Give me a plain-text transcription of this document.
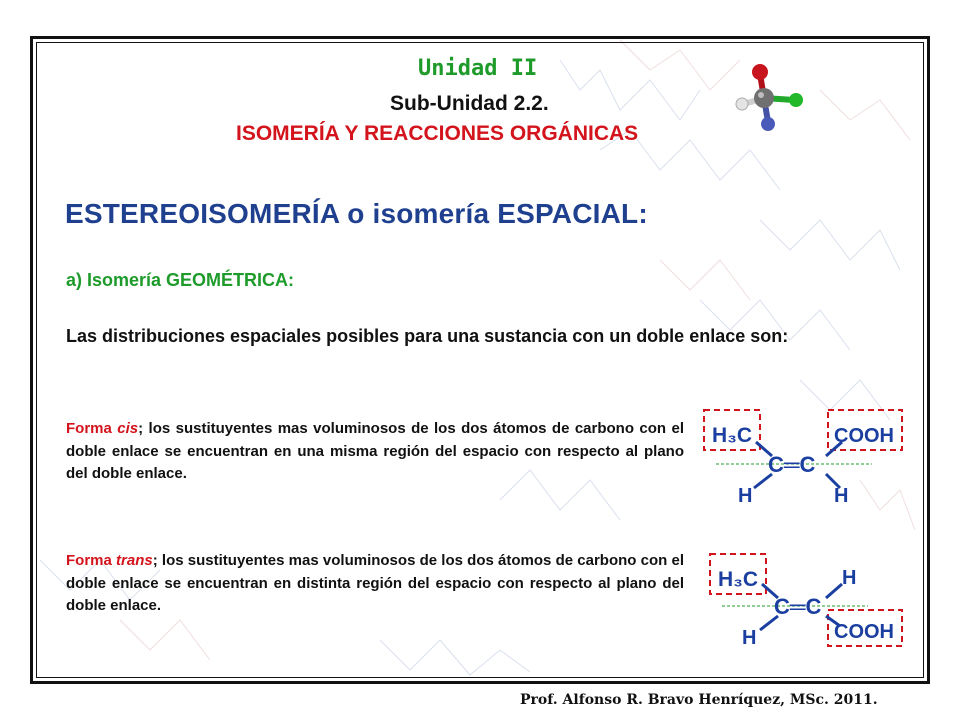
Unidad II

Sub-Unidad 2.2.

ISOMERÍA Y REACCIONES ORGÁNICAS

ESTEREOISOMERÍA o isomería ESPACIAL:

a) Isomería GEOMÉTRICA:

Las distribuciones espaciales posibles para una sustancia con un doble enlace son:

Forma cis; los sustituyentes mas voluminosos de los dos átomos de carbono con el doble enlace se encuentran en una misma región del espacio con respecto al plano del doble enlace.

Forma trans; los sustituyentes mas voluminosos de los dos átomos de carbono con el doble enlace se encuentran en distinta región del espacio con respecto al plano del doble enlace.

H₃C	COOH
C═C
H	H
H₃C	H
C═C
H	COOH

Prof. Alfonso R. Bravo Henríquez, MSc. 2011.
